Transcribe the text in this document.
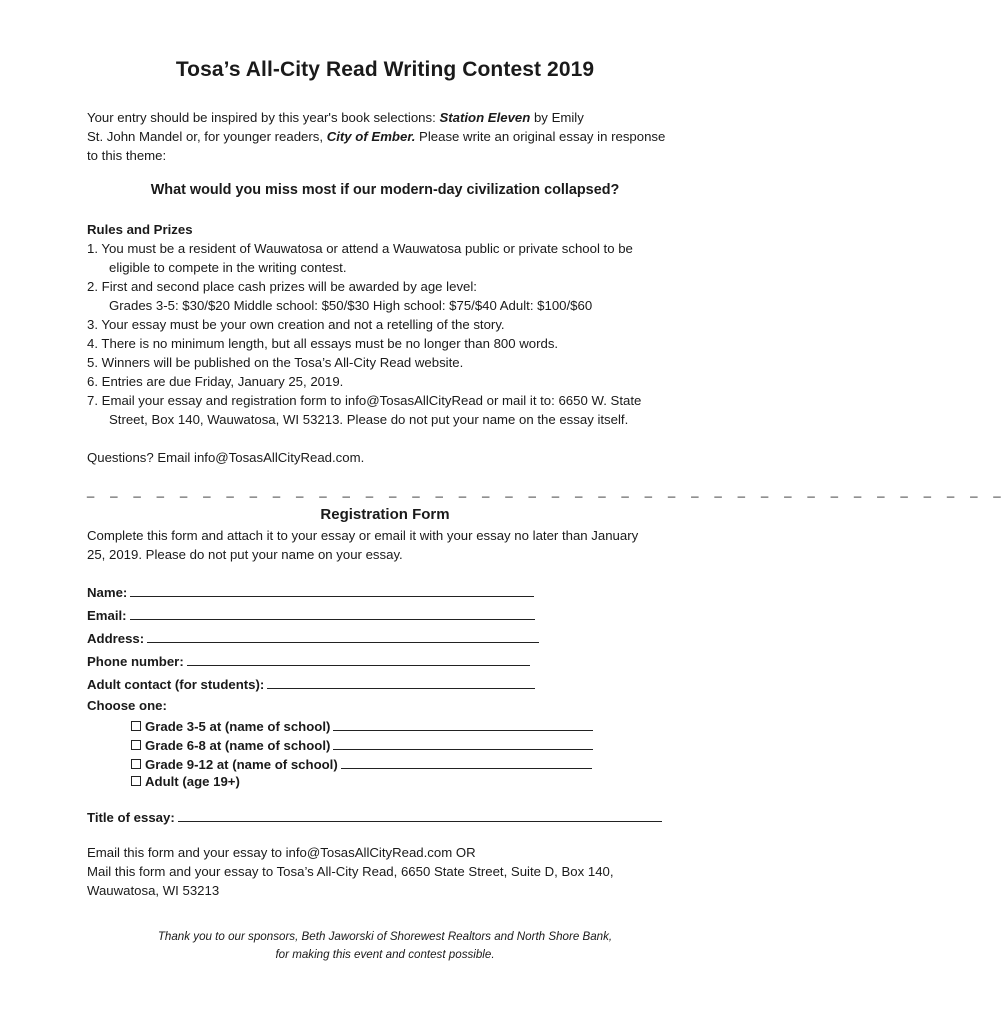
Tosa’s All-City Read Writing Contest 2019
Your entry should be inspired by this year's book selections: Station Eleven by Emily
St. John Mandel or, for younger readers, City of Ember. Please write an original essay in response
to this theme:
What would you miss most if our modern-day civilization collapsed?
Rules and Prizes
1. You must be a resident of Wauwatosa or attend a Wauwatosa public or private school to be
eligible to compete in the writing contest.
2. First and second place cash prizes will be awarded by age level:
Grades 3-5: $30/$20 Middle school: $50/$30 High school: $75/$40 Adult: $100/$60
3. Your essay must be your own creation and not a retelling of the story.
4. There is no minimum length, but all essays must be no longer than 800 words.
5. Winners will be published on the Tosa’s All-City Read website.
6. Entries are due Friday, January 25, 2019.
7. Email your essay and registration form to info@TosasAllCityRead or mail it to: 6650 W. State
Street, Box 140, Wauwatosa, WI 53213. Please do not put your name on the essay itself.
Questions? Email info@TosasAllCityRead.com.
_ _ _ _ _ _ _ _ _ _ _ _ _ _ _ _ _ _ _ _ _ _ _ _ _ _ _ _ _ _ _ _ _ _ _ _ _ _ _ _
Registration Form
Complete this form and attach it to your essay or email it with your essay no later than January
25, 2019. Please do not put your name on your essay.
Name:
Email:
Address:
Phone number:
Adult contact (for students):
Choose one:
Grade 3-5 at (name of school)
Grade 6-8 at (name of school)
Grade 9-12 at (name of school)
Adult (age 19+)
Title of essay:
Email this form and your essay to info@TosasAllCityRead.com OR
Mail this form and your essay to Tosa’s All-City Read, 6650 State Street, Suite D, Box 140,
Wauwatosa, WI 53213
Thank you to our sponsors, Beth Jaworski of Shorewest Realtors and North Shore Bank,
for making this event and contest possible.
